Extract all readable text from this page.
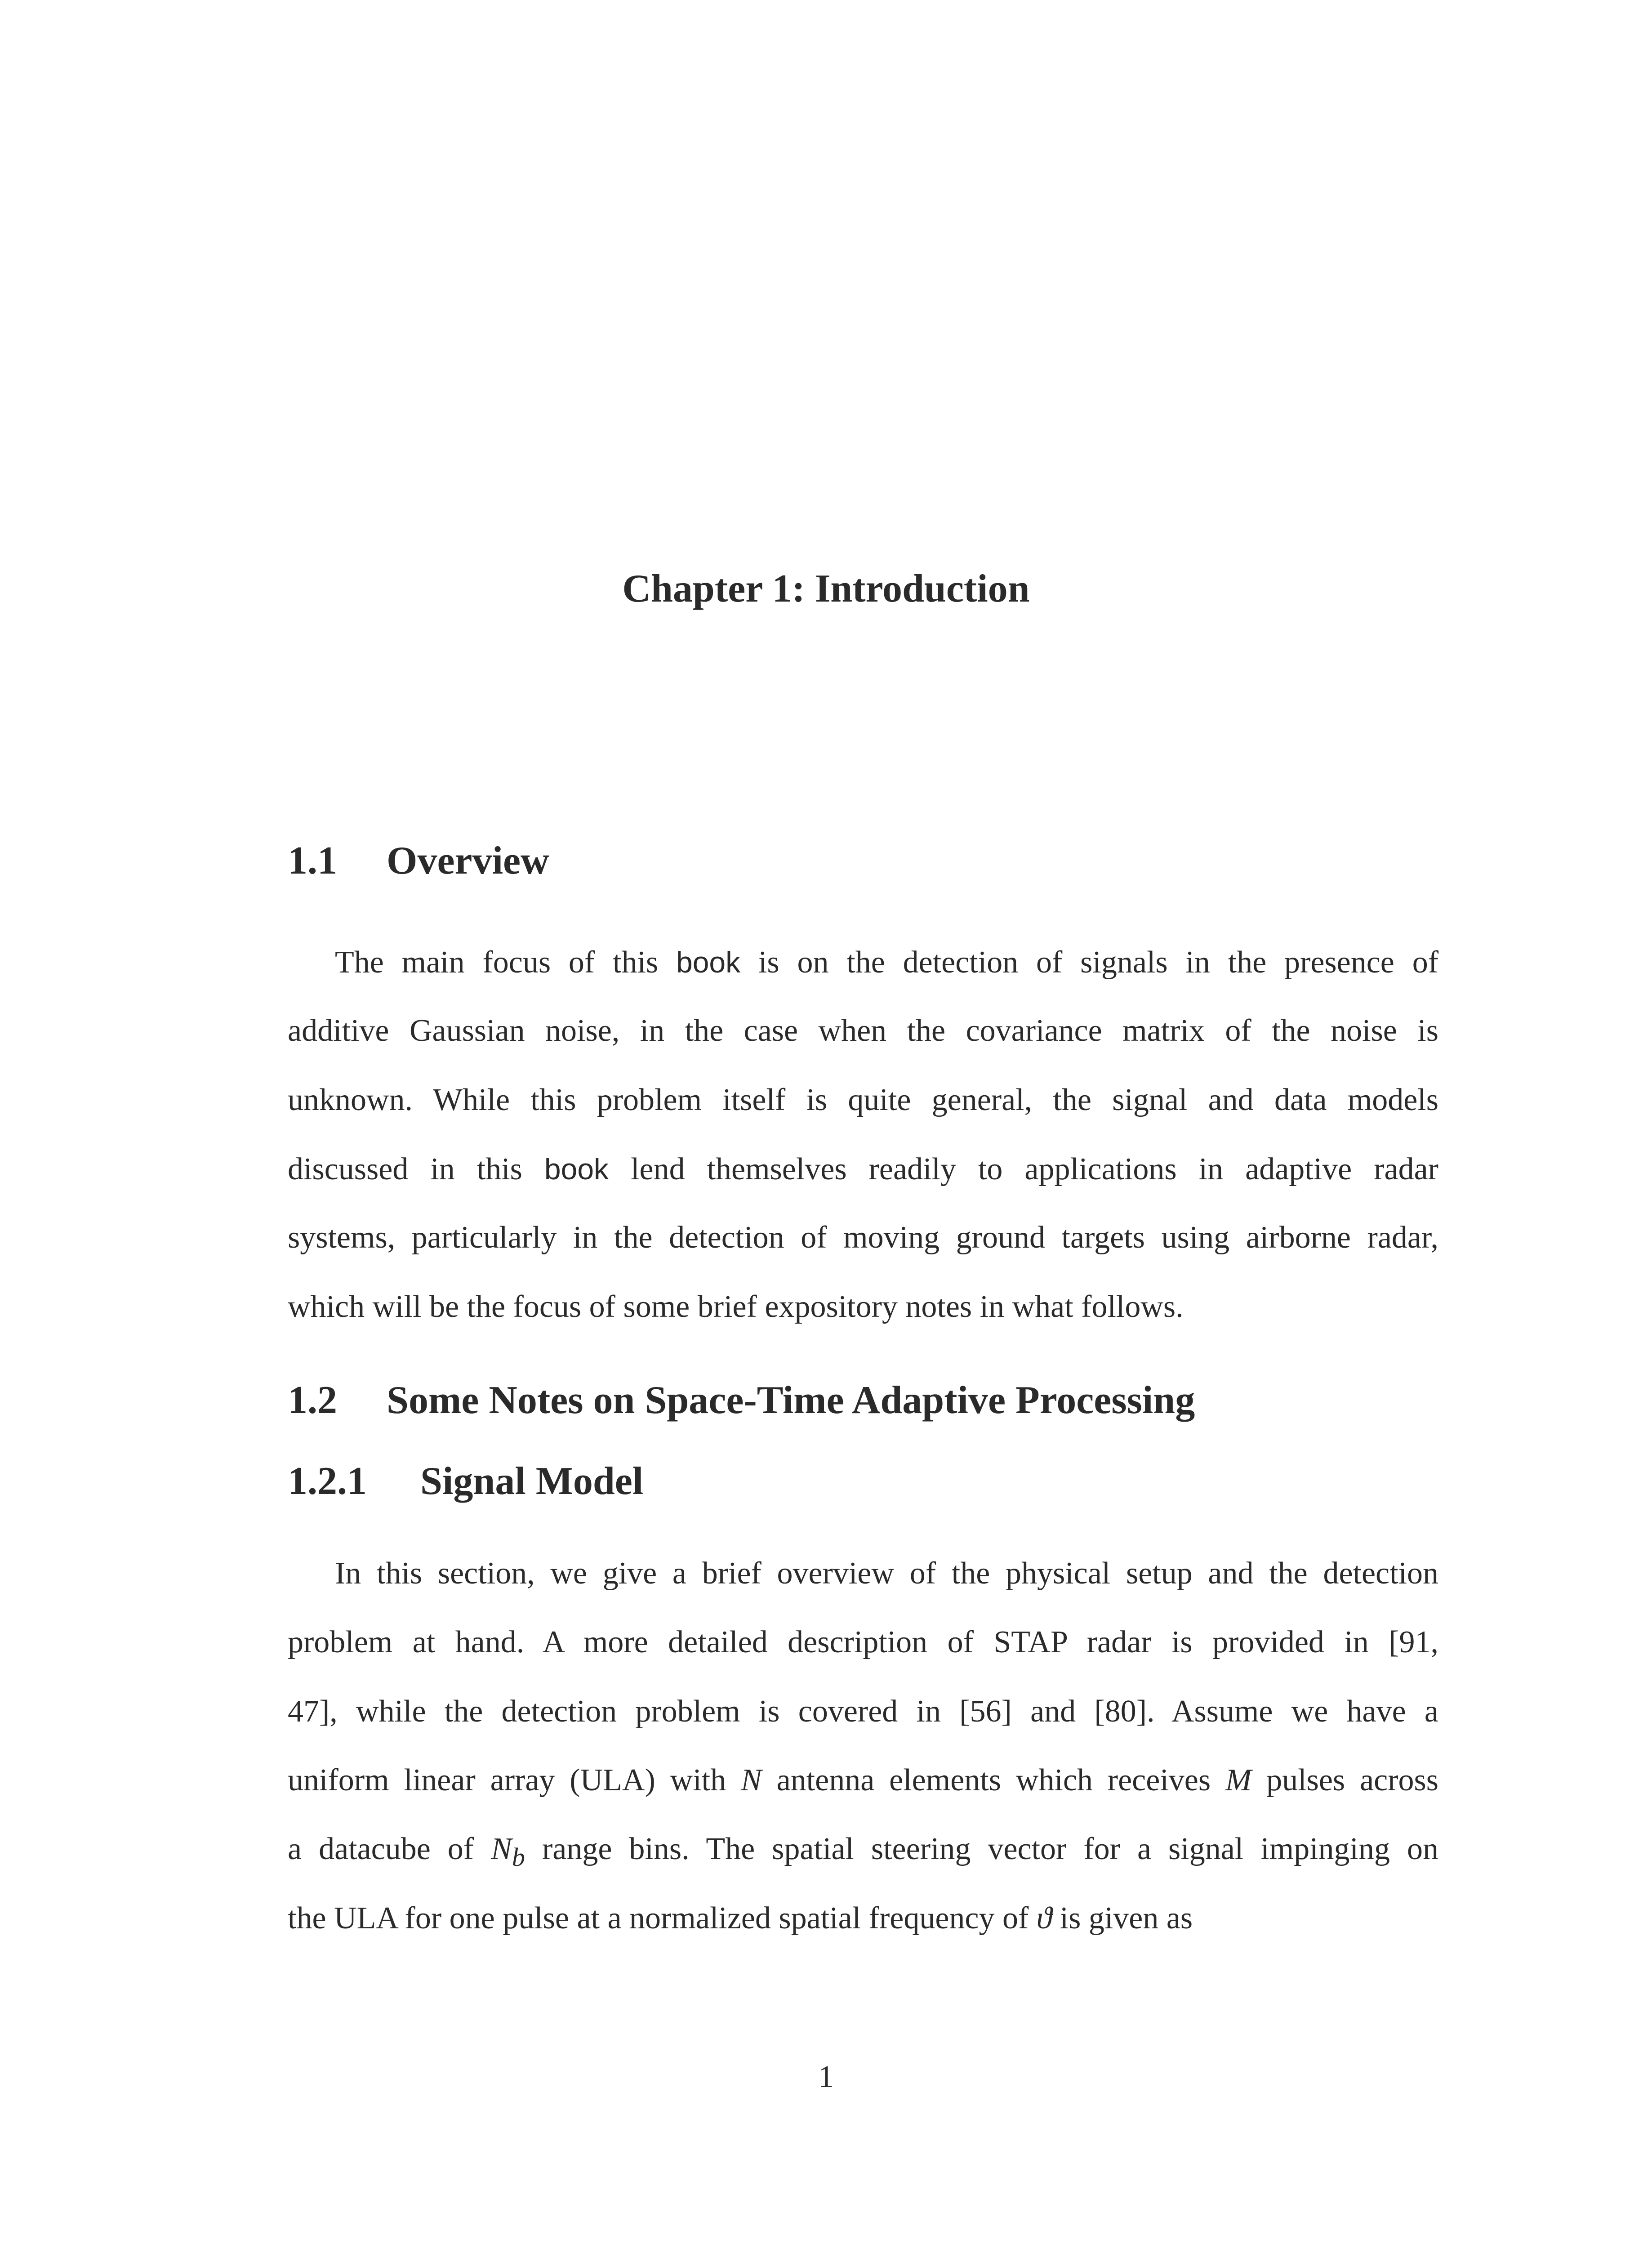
Chapter 1: Introduction
1.1 Overview
The main focus of this book is on the detection of signals in the presence of
additive Gaussian noise, in the case when the covariance matrix of the noise is
unknown. While this problem itself is quite general, the signal and data models
discussed in this book lend themselves readily to applications in adaptive radar
systems, particularly in the detection of moving ground targets using airborne radar,
which will be the focus of some brief expository notes in what follows.
1.2 Some Notes on Space-Time Adaptive Processing
1.2.1 Signal Model
In this section, we give a brief overview of the physical setup and the detection
problem at hand. A more detailed description of STAP radar is provided in [91,
47], while the detection problem is covered in [56] and [80]. Assume we have a
uniform linear array (ULA) with N antenna elements which receives M pulses across
a datacube of $N_b$ range bins. The spatial steering vector for a signal impinging on
the ULA for one pulse at a normalized spatial frequency of ϑ is given as
1
